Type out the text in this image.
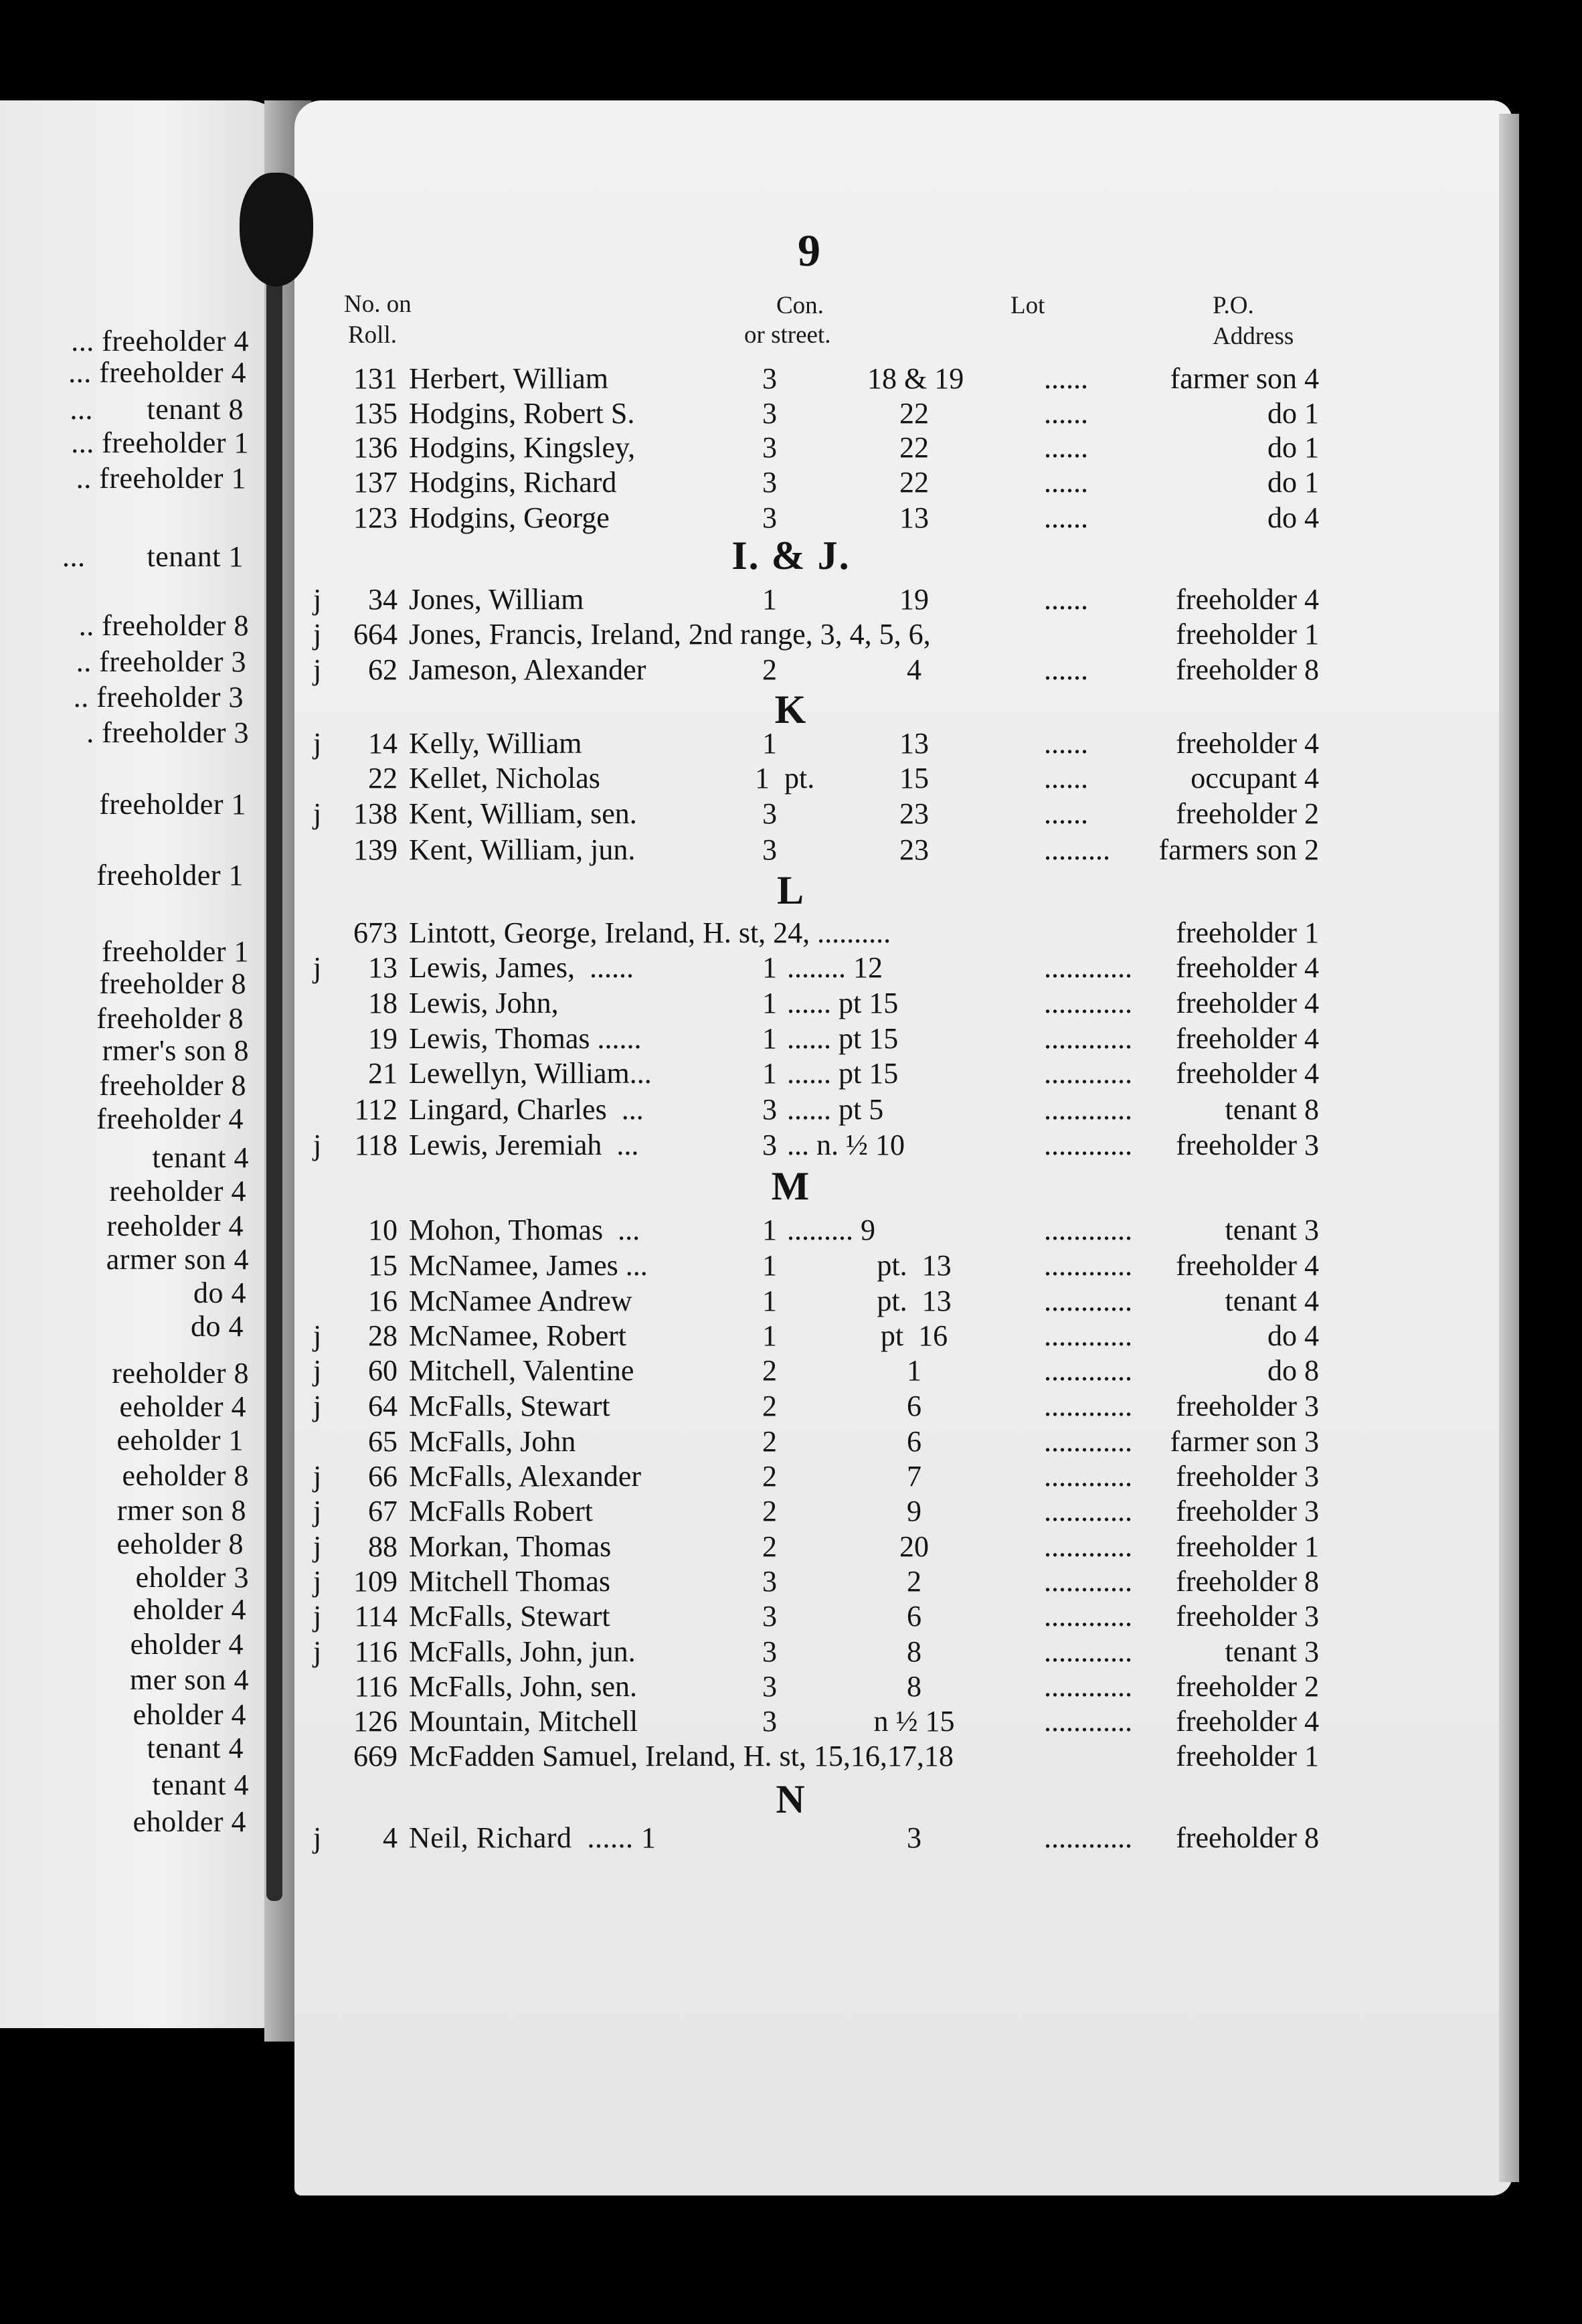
... freeholder 4
... freeholder 4
...       tenant 8
... freeholder 1
.. freeholder 1
...        tenant 1
.. freeholder 8
.. freeholder 3
.. freeholder 3
. freeholder 3
freeholder 1
freeholder 1
freeholder 1
freeholder 8
freeholder 8
rmer's son 8
freeholder 8
freeholder 4
tenant 4
reeholder 4
reeholder 4
armer son 4
do 4
do 4
reeholder 8
eeholder 4
eeholder 1
eeholder 8
rmer son 8
eeholder 8
eholder 3
eholder 4
eholder 4
mer son 4
eholder 4
tenant 4
tenant 4
eholder 4
9
No. on
Roll.
Con.
or street.
Lot	P.O.
Address
131 Herbert, William	3	18 & 19	......	farmer son 4
135 Hodgins, Robert S.	3	22	......	do 1
136 Hodgins, Kingsley,	3	22	......	do 1
137 Hodgins, Richard	3	22	......	do 1
123 Hodgins, George	3	13	......	do 4
I. & J.
j 34 Jones, William	1	19	......	freeholder 4
j 664 Jones, Francis, Ireland, 2nd range, 3, 4, 5, 6,	freeholder 1
j 62 Jameson, Alexander	2	4	......	freeholder 8
K
j 14 Kelly, William	1	13	......	freeholder 4
22 Kellet, Nicholas	1  pt.	15	......	occupant 4
j 138 Kent, William, sen.	3	23	......	freeholder 2
139 Kent, William, jun.	3	23	......... farmers son 2
L
673 Lintott, George, Ireland, H. st, 24, ..........	freeholder 1
j 13 Lewis, James,  ......	1 ........ 12	............ freeholder 4
18 Lewis, John,	1 ...... pt 15	............ freeholder 4
19 Lewis, Thomas ......	1 ...... pt 15	............ freeholder 4
21 Lewellyn, William...	1 ...... pt 15	............ freeholder 4
112 Lingard, Charles  ...	3 ...... pt 5	............	tenant 8
j 118 Lewis, Jeremiah  ...	3 ... n. ½ 10	............ freeholder 3
M
10 Mohon, Thomas  ...	1 ......... 9	............	tenant 3
15 McNamee, James ...	1	pt.  13	............ freeholder 4
16 McNamee Andrew	1	pt.  13	............	tenant 4
j 28 McNamee, Robert	1	pt  16	............	do 4
j 60 Mitchell, Valentine	2	1	............	do 8
j 64 McFalls, Stewart	2	6	............ freeholder 3
65 McFalls, John	2	6	............ farmer son 3
j 66 McFalls, Alexander	2	7	............ freeholder 3
j 67 McFalls Robert	2	9	............ freeholder 3
j 88 Morkan, Thomas	2	20	............ freeholder 1
j 109 Mitchell Thomas	3	2	............ freeholder 8
j 114 McFalls, Stewart	3	6	............ freeholder 3
j 116 McFalls, John, jun.	3	8	............	tenant 3
116 McFalls, John, sen.	3	8	............ freeholder 2
126 Mountain, Mitchell	3	n ½ 15	............ freeholder 4
669 McFadden Samuel, Ireland, H. st, 15,16,17,18	freeholder 1
N
j 4 Neil, Richard  ...... 1	3	............ freeholder 8
